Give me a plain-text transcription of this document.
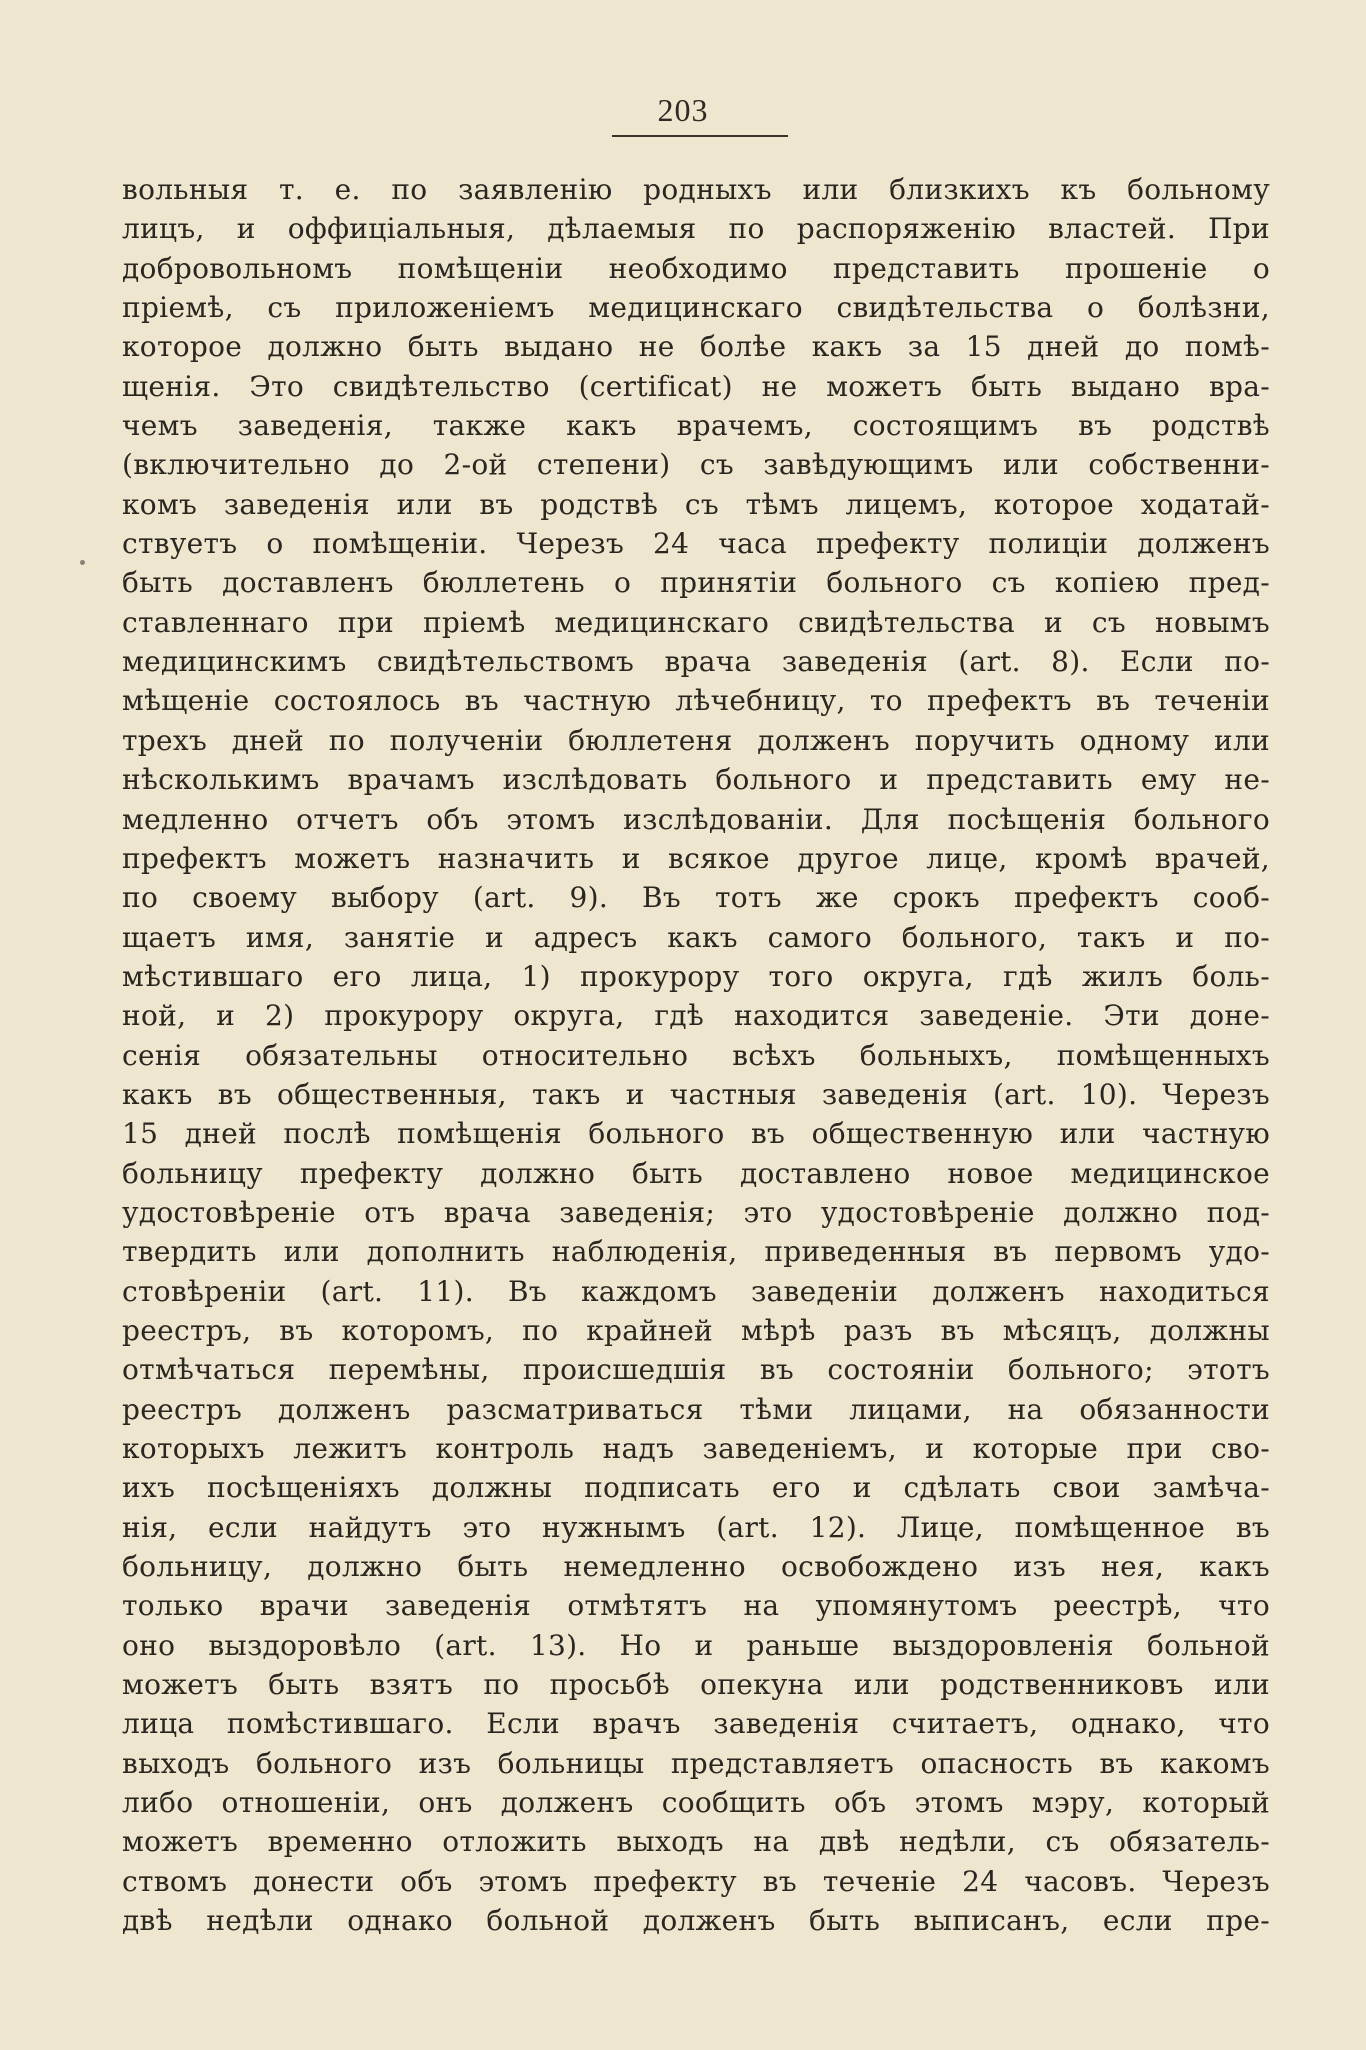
203
вольныя т. е. по заявленію родныхъ или близкихъ къ больному
лицъ, и оффиціальныя, дѣлаемыя по распоряженію властей. При
добровольномъ помѣщеніи необходимо представить прошеніе о
пріемѣ, съ приложеніемъ медицинскаго свидѣтельства о болѣзни,
которое должно быть выдано не болѣе какъ за 15 дней до помѣ-
щенія. Это свидѣтельство (certificat) не можетъ быть выдано вра-
чемъ заведенія, также какъ врачемъ, состоящимъ въ родствѣ
(включительно до 2-ой степени) съ завѣдующимъ или собственни-
комъ заведенія или въ родствѣ съ тѣмъ лицемъ, которое ходатай-
ствуетъ о помѣщеніи. Черезъ 24 часа префекту полиціи долженъ
быть доставленъ бюллетень о принятіи больного съ копіею пред-
ставленнаго при пріемѣ медицинскаго свидѣтельства и съ новымъ
медицинскимъ свидѣтельствомъ врача заведенія (art. 8). Если по-
мѣщеніе состоялось въ частную лѣчебницу, то префектъ въ теченіи
трехъ дней по полученіи бюллетеня долженъ поручить одному или
нѣсколькимъ врачамъ изслѣдовать больного и представить ему не-
медленно отчетъ объ этомъ изслѣдованіи. Для посѣщенія больного
префектъ можетъ назначить и всякое другое лице, кромѣ врачей,
по своему выбору (art. 9). Въ тотъ же срокъ префектъ сооб-
щаетъ имя, занятіе и адресъ какъ самого больного, такъ и по-
мѣстившаго его лица, 1) прокурору того округа, гдѣ жилъ боль-
ной, и 2) прокурору округа, гдѣ находится заведеніе. Эти доне-
сенія обязательны относительно всѣхъ больныхъ, помѣщенныхъ
какъ въ общественныя, такъ и частныя заведенія (art. 10). Черезъ
15 дней послѣ помѣщенія больного въ общественную или частную
больницу префекту должно быть доставлено новое медицинское
удостовѣреніе отъ врача заведенія; это удостовѣреніе должно под-
твердить или дополнить наблюденія, приведенныя въ первомъ удо-
стовѣреніи (art. 11). Въ каждомъ заведеніи долженъ находиться
реестръ, въ которомъ, по крайней мѣрѣ разъ въ мѣсяцъ, должны
отмѣчаться перемѣны, происшедшія въ состояніи больного; этотъ
реестръ долженъ разсматриваться тѣми лицами, на обязанности
которыхъ лежитъ контроль надъ заведеніемъ, и которые при сво-
ихъ посѣщеніяхъ должны подписать его и сдѣлать свои замѣча-
нія, если найдутъ это нужнымъ (art. 12). Лице, помѣщенное въ
больницу, должно быть немедленно освобождено изъ нея, какъ
только врачи заведенія отмѣтятъ на упомянутомъ реестрѣ, что
оно выздоровѣло (art. 13). Но и раньше выздоровленія больной
можетъ быть взятъ по просьбѣ опекуна или родственниковъ или
лица помѣстившаго. Если врачъ заведенія считаетъ, однако, что
выходъ больного изъ больницы представляетъ опасность въ какомъ
либо отношеніи, онъ долженъ сообщить объ этомъ мэру, который
можетъ временно отложить выходъ на двѣ недѣли, съ обязатель-
ствомъ донести объ этомъ префекту въ теченіе 24 часовъ. Черезъ
двѣ недѣли однако больной долженъ быть выписанъ, если пре-
